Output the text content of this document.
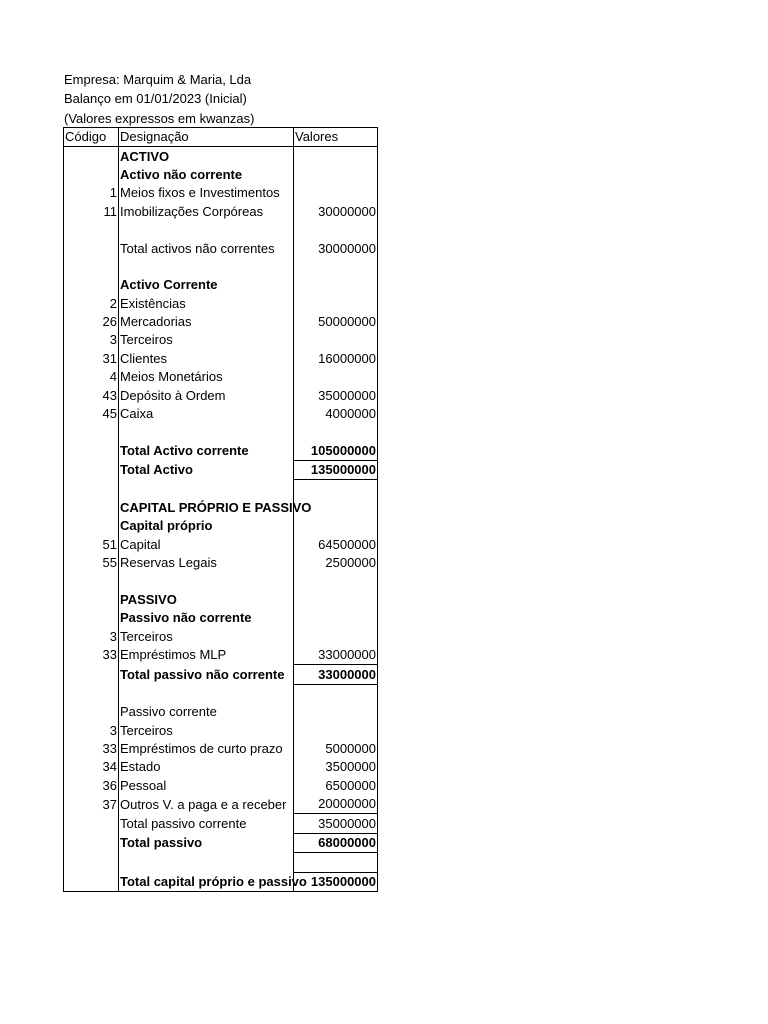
Empresa: Marquim & Maria, Lda
Balanço em 01/01/2023 (Inicial)
(Valores expressos em kwanzas)
Código	Designação	Valores
	ACTIVO	
	Activo não corrente	
1	Meios fixos e Investimentos	
11	Imobilizações Corpóreas	30000000

	Total activos não correntes	30000000

	Activo Corrente	
2	Existências	
26	Mercadorias	50000000
3	Terceiros	
31	Clientes	16000000
4	Meios Monetários	
43	Depósito à Ordem	35000000
45	Caixa	4000000

	Total Activo corrente	105000000
	Total Activo	135000000

	CAPITAL PRÓPRIO E PASSIVO	
	Capital próprio	
51	Capital	64500000
55	Reservas Legais	2500000

	PASSIVO	
	Passivo não corrente	
3	Terceiros	
33	Empréstimos MLP	33000000
	Total passivo não corrente	33000000

	Passivo corrente	
3	Terceiros	
33	Empréstimos de curto prazo	5000000
34	Estado	3500000
36	Pessoal	6500000
37	Outros V. a paga e a receber	20000000
	Total passivo corrente	35000000
	Total passivo	68000000

	Total capital próprio e passivo	135000000
